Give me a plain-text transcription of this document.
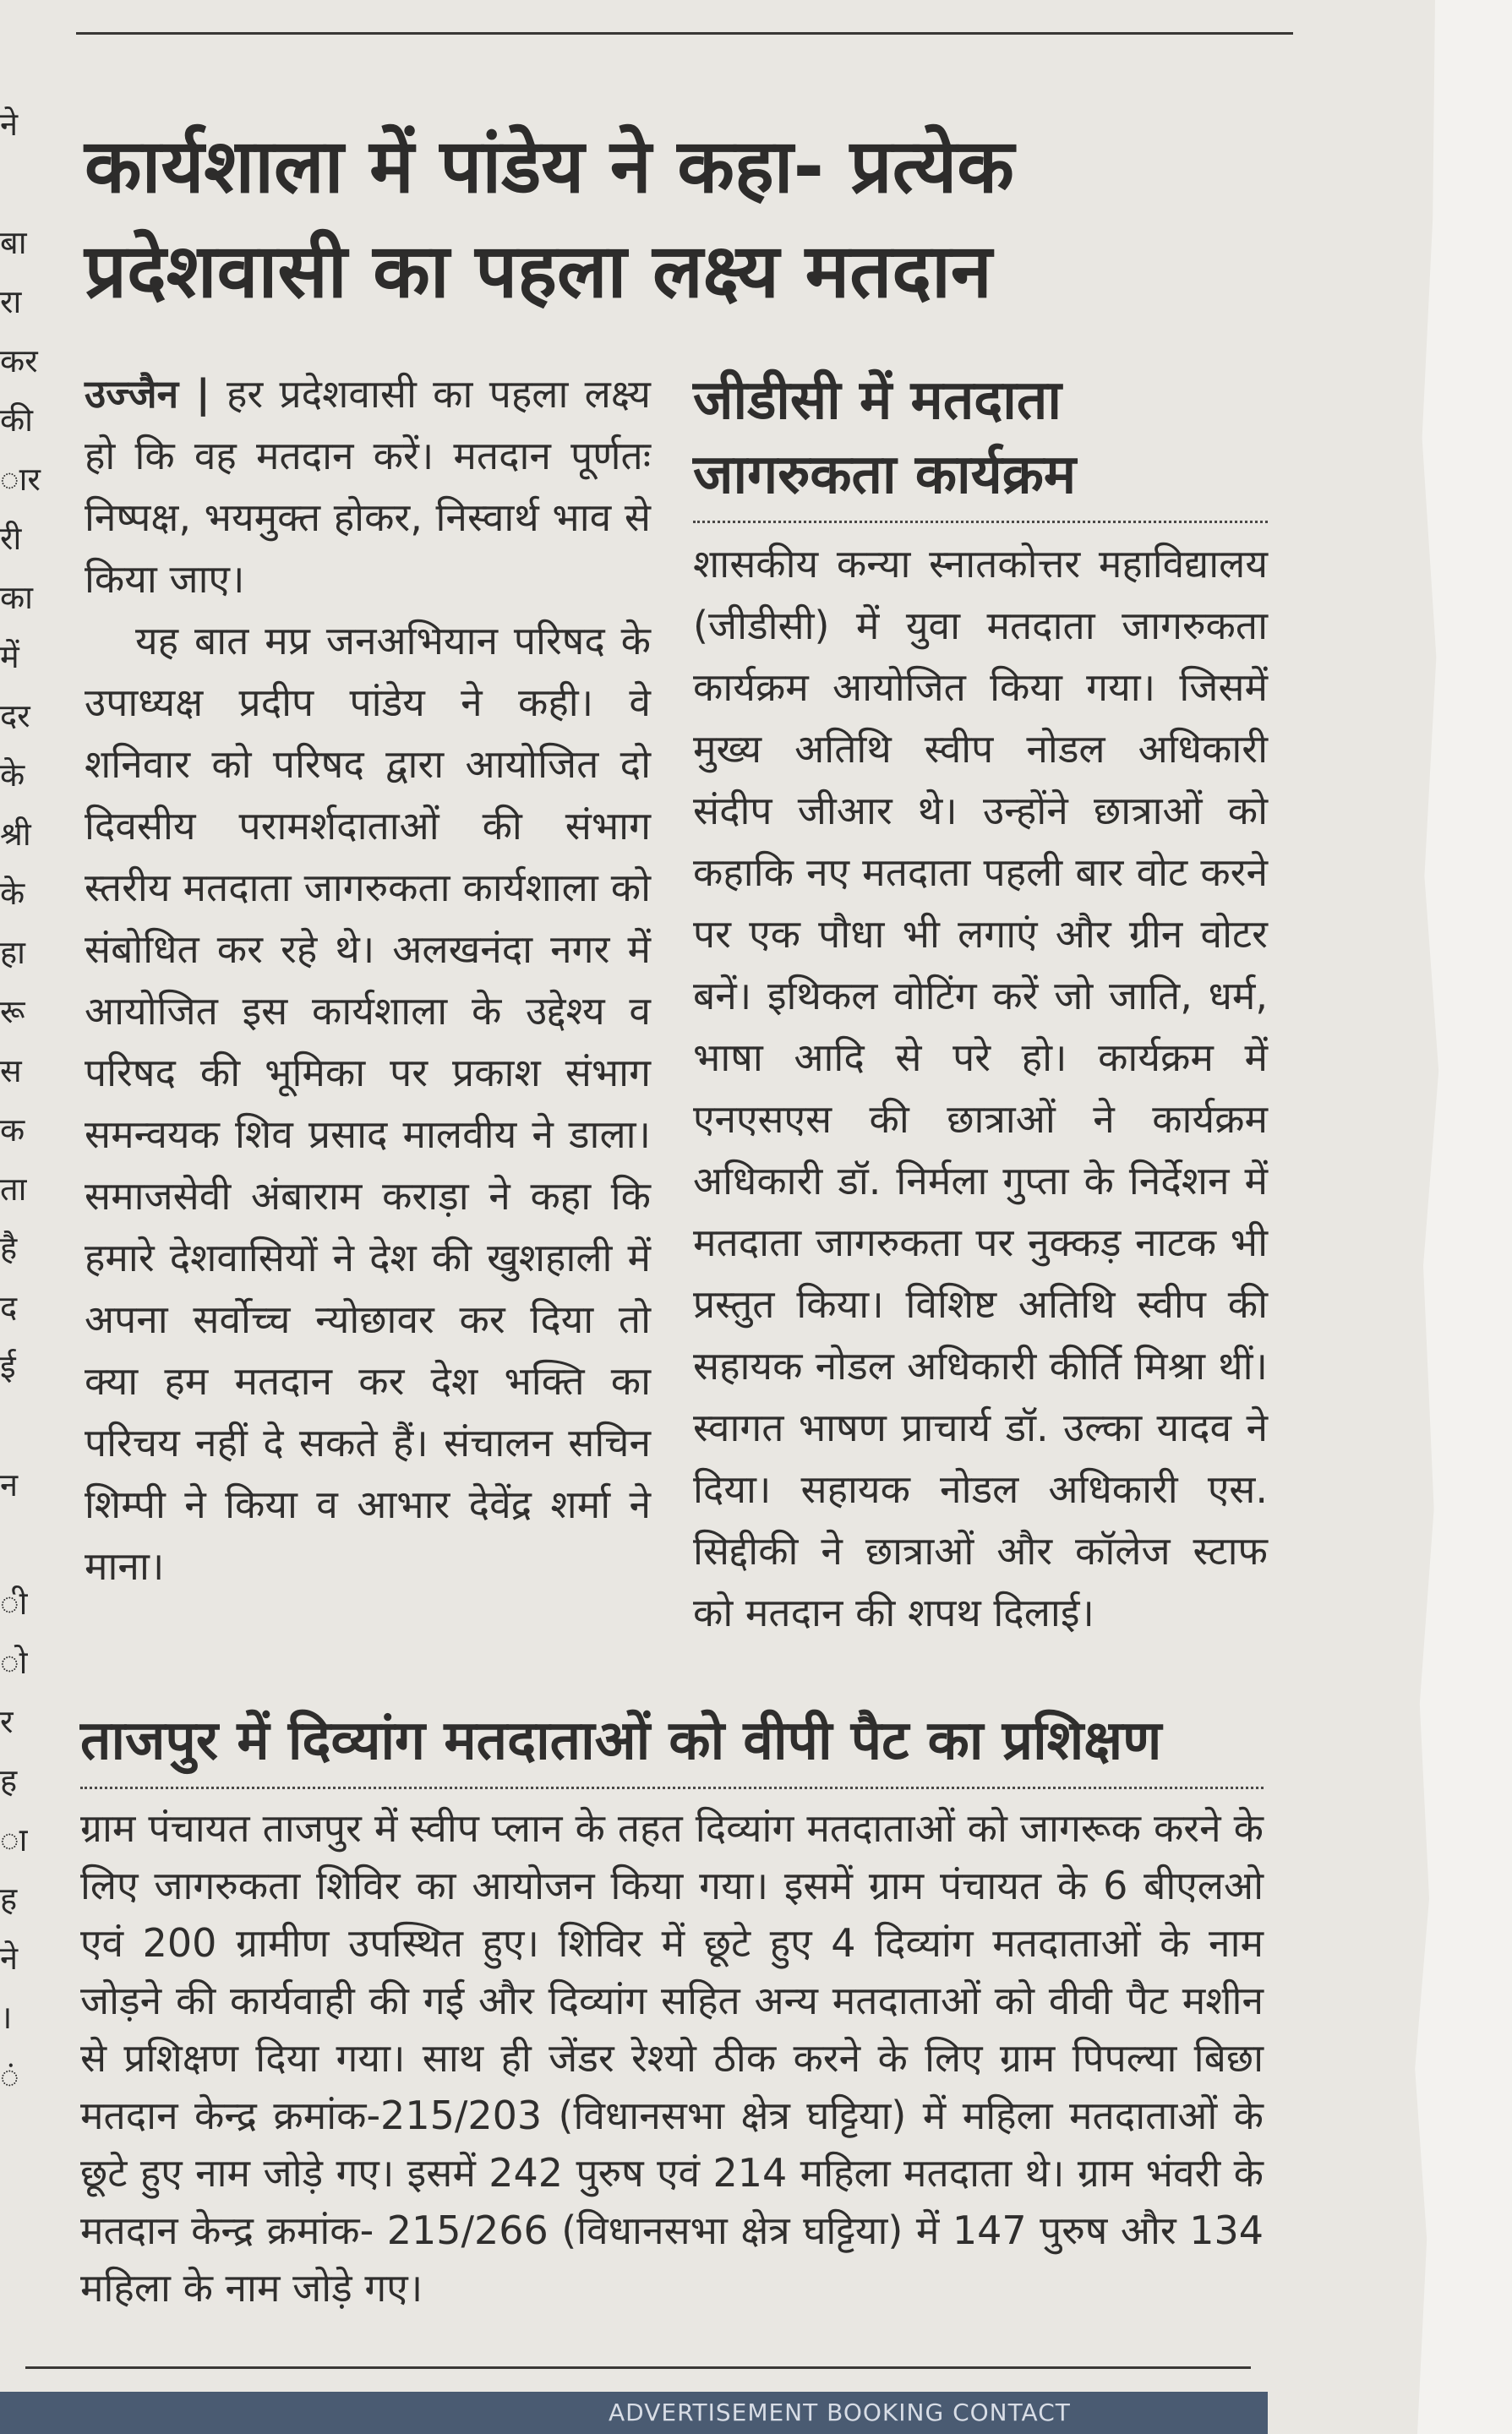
ने
बा
रा
कर
की
ार
री
का
में
दर
के
श्री
के
हा
रू
स
क
ता
है
द
ई
न
ी
ो
र
ह
ा
ह
ने
।
ं
कार्यशाला में पांडेय ने कहा- प्रत्येक प्रदेशवासी का पहला लक्ष्य मतदान

उज्जैन | हर प्रदेशवासी का पहला लक्ष्य हो कि वह मतदान करें। मतदान पूर्णतः निष्पक्ष, भयमुक्त होकर, निस्वार्थ भाव से किया जाए।

यह बात मप्र जनअभियान परिषद के उपाध्यक्ष प्रदीप पांडेय ने कही। वे शनिवार को परिषद द्वारा आयोजित दो दिवसीय परामर्शदाताओं की संभाग स्तरीय मतदाता जागरुकता कार्यशाला को संबोधित कर रहे थे। अलखनंदा नगर में आयोजित इस कार्यशाला के उद्देश्य व परिषद की भूमिका पर प्रकाश संभाग समन्वयक शिव प्रसाद मालवीय ने डाला। समाजसेवी अंबाराम कराड़ा ने कहा कि हमारे देशवासियों ने देश की खुशहाली में अपना सर्वोच्च न्योछावर कर दिया तो क्या हम मतदान कर देश भक्ति का परिचय नहीं दे सकते हैं। संचालन सचिन शिम्पी ने किया व आभार देवेंद्र शर्मा ने माना।

जीडीसी में मतदाता जागरुकता कार्यक्रम

शासकीय कन्या स्नातकोत्तर महाविद्यालय (जीडीसी) में युवा मतदाता जागरुकता कार्यक्रम आयोजित किया गया। जिसमें मुख्य अतिथि स्वीप नोडल अधिकारी संदीप जीआर थे। उन्होंने छात्राओं को कहाकि नए मतदाता पहली बार वोट करने पर एक पौधा भी लगाएं और ग्रीन वोटर बनें। इथिकल वोटिंग करें जो जाति, धर्म, भाषा आदि से परे हो। कार्यक्रम में एनएसएस की छात्राओं ने कार्यक्रम अधिकारी डॉ. निर्मला गुप्ता के निर्देशन में मतदाता जागरुकता पर नुक्कड़ नाटक भी प्रस्तुत किया। विशिष्ट अतिथि स्वीप की सहायक नोडल अधिकारी कीर्ति मिश्रा थीं। स्वागत भाषण प्राचार्य डॉ. उल्का यादव ने दिया। सहायक नोडल अधिकारी एस. सिद्दीकी ने छात्राओं और कॉलेज स्टाफ को मतदान की शपथ दिलाई।

ताजपुर में दिव्यांग मतदाताओं को वीपी पैट का प्रशिक्षण

ग्राम पंचायत ताजपुर में स्वीप प्लान के तहत दिव्यांग मतदाताओं को जागरूक करने के लिए जागरुकता शिविर का आयोजन किया गया। इसमें ग्राम पंचायत के 6 बीएलओ एवं 200 ग्रामीण उपस्थित हुए। शिविर में छूटे हुए 4 दिव्यांग मतदाताओं के नाम जोड़ने की कार्यवाही की गई और दिव्यांग सहित अन्य मतदाताओं को वीवी पैट मशीन से प्रशिक्षण दिया गया। साथ ही जेंडर रेश्यो ठीक करने के लिए ग्राम पिपल्या बिछा मतदान केन्द्र क्रमांक-215/203 (विधानसभा क्षेत्र घट्टिया) में महिला मतदाताओं के छूटे हुए नाम जोड़े गए। इसमें 242 पुरुष एवं 214 महिला मतदाता थे। ग्राम भंवरी के मतदान केन्द्र क्रमांक- 215/266 (विधानसभा क्षेत्र घट्टिया) में 147 पुरुष और 134 महिला के नाम जोड़े गए।

ADVERTISEMENT BOOKING CONTACT
